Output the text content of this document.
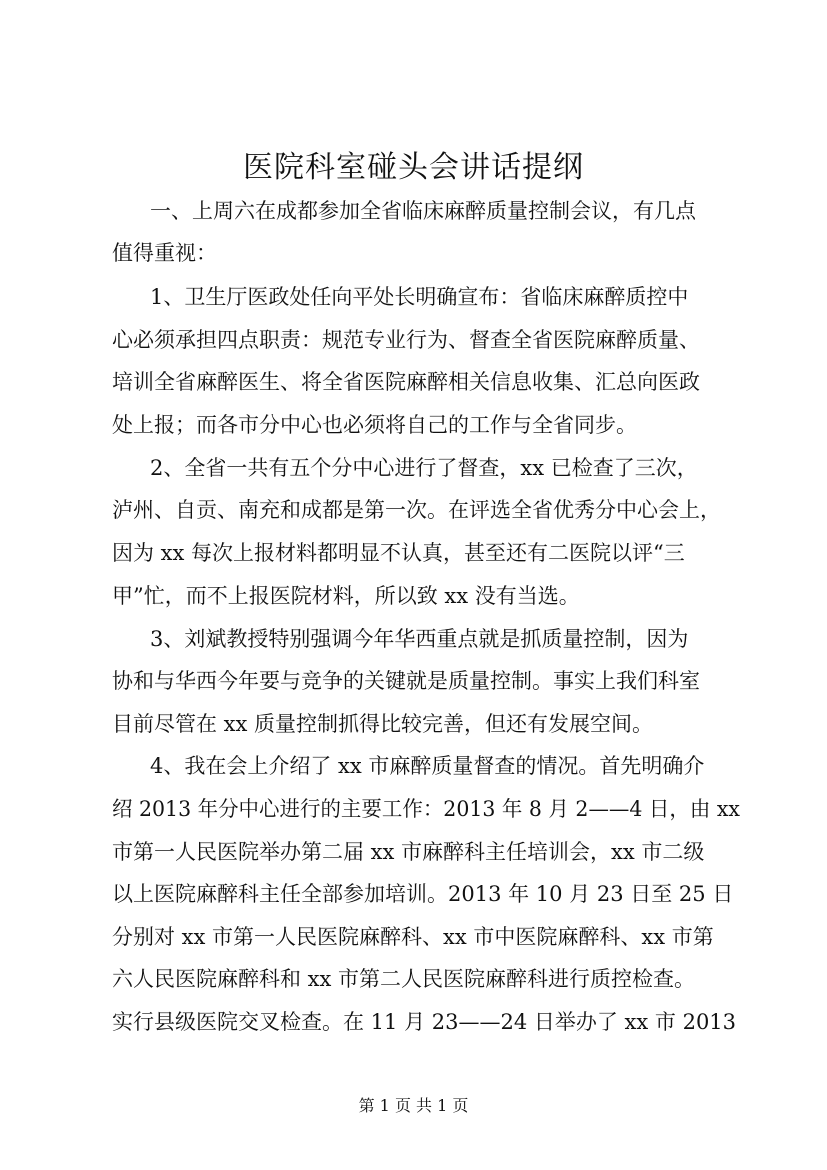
医院科室碰头会讲话提纲

一、上周六在成都参加全省临床麻醉质量控制会议，有几点

值得重视：

1、卫生厅医政处任向平处长明确宣布：省临床麻醉质控中

心必须承担四点职责：规范专业行为、督查全省医院麻醉质量、

培训全省麻醉医生、将全省医院麻醉相关信息收集、汇总向医政

处上报；而各市分中心也必须将自己的工作与全省同步。

2、全省一共有五个分中心进行了督查，xx 已检查了三次，

泸州、自贡、南充和成都是第一次。在评选全省优秀分中心会上，

因为 xx 每次上报材料都明显不认真，甚至还有二医院以评“三

甲”忙，而不上报医院材料，所以致 xx 没有当选。

3、刘斌教授特别强调今年华西重点就是抓质量控制，因为

协和与华西今年要与竞争的关键就是质量控制。事实上我们科室

目前尽管在 xx 质量控制抓得比较完善，但还有发展空间。

4、我在会上介绍了 xx 市麻醉质量督查的情况。首先明确介

绍 2013 年分中心进行的主要工作：2013 年 8 月 2——4 日，由 xx

市第一人民医院举办第二届 xx 市麻醉科主任培训会，xx 市二级

以上医院麻醉科主任全部参加培训。2013 年 10 月 23 日至 25 日

分别对 xx 市第一人民医院麻醉科、xx 市中医院麻醉科、xx 市第

六人民医院麻醉科和 xx 市第二人民医院麻醉科进行质控检查。

实行县级医院交叉检查。在 11 月 23——24 日举办了 xx 市 2013

第 1 页 共 1 页
